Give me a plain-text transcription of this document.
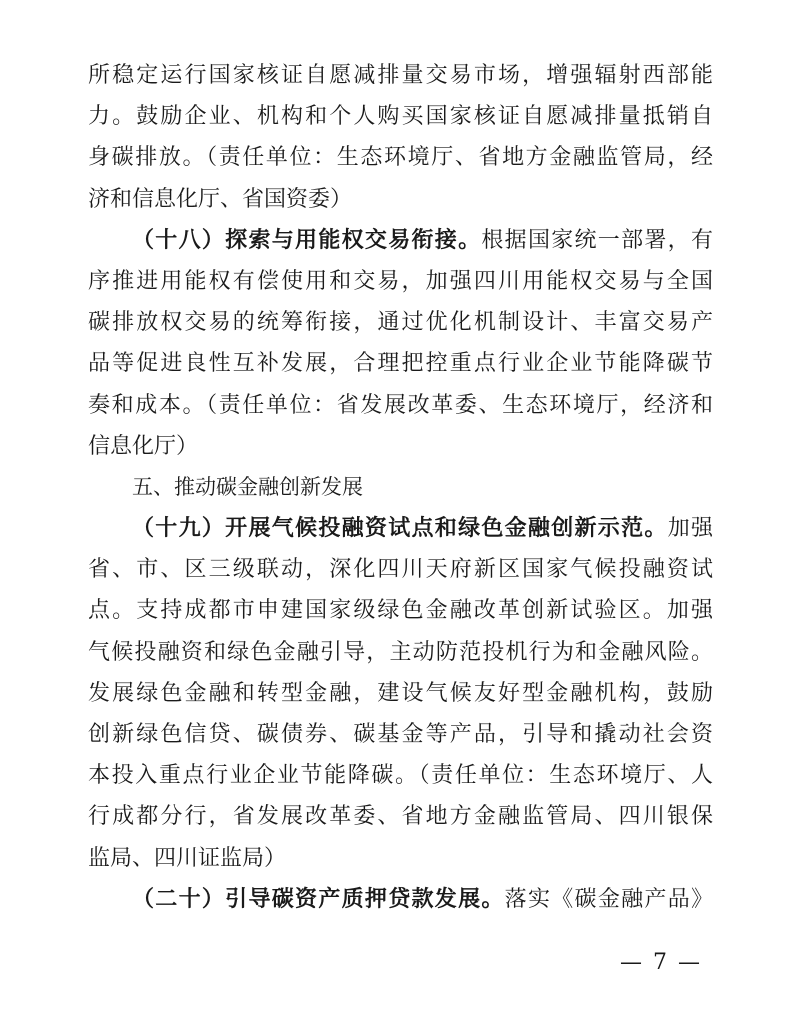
所稳定运行国家核证自愿减排量交易市场，增强辐射西部能
力。鼓励企业、机构和个人购买国家核证自愿减排量抵销自
身碳排放。（责任单位：生态环境厅、省地方金融监管局，经
济和信息化厅、省国资委）
（十八）探索与用能权交易衔接。根据国家统一部署，有
序推进用能权有偿使用和交易，加强四川用能权交易与全国
碳排放权交易的统筹衔接，通过优化机制设计、丰富交易产
品等促进良性互补发展，合理把控重点行业企业节能降碳节
奏和成本。（责任单位：省发展改革委、生态环境厅，经济和
信息化厅）
五、推动碳金融创新发展
（十九）开展气候投融资试点和绿色金融创新示范。加强
省、市、区三级联动，深化四川天府新区国家气候投融资试
点。支持成都市申建国家级绿色金融改革创新试验区。加强
气候投融资和绿色金融引导，主动防范投机行为和金融风险。
发展绿色金融和转型金融，建设气候友好型金融机构，鼓励
创新绿色信贷、碳债券、碳基金等产品，引导和撬动社会资
本投入重点行业企业节能降碳。（责任单位：生态环境厅、人
行成都分行，省发展改革委、省地方金融监管局、四川银保
监局、四川证监局）
（二十）引导碳资产质押贷款发展。落实《碳金融产品》
— 7 —
